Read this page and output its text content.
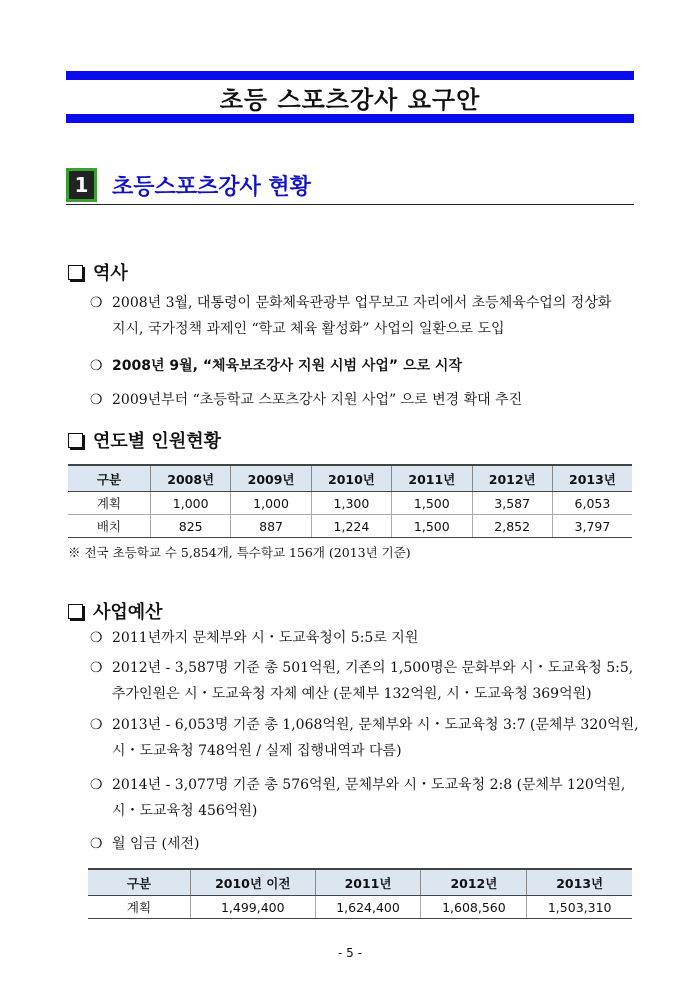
초등 스포츠강사 요구안
1	초등스포츠강사 현황
역사
❍ 2008년 3월, 대통령이 문화체육관광부 업무보고 자리에서 초등체육수업의 정상화
지시, 국가정책 과제인 “학교 체육 활성화” 사업의 일환으로 도입
❍ 2008년 9월, “체육보조강사 지원 시범 사업” 으로 시작
❍ 2009년부터 “초등학교 스포츠강사 지원 사업” 으로 변경 확대 추진
연도별 인원현황
구분	2008년	2009년	2010년	2011년	2012년	2013년
계획	1,000	1,000	1,300	1,500	3,587	6,053
배치	825	887	1,224	1,500	2,852	3,797
※ 전국 초등학교 수 5,854개, 특수학교 156개 (2013년 기준)
사업예산
❍ 2011년까지 문체부와 시・도교육청이 5:5로 지원
❍ 2012년 - 3,587명 기준 총 501억원, 기존의 1,500명은 문화부와 시・도교육청 5:5,
추가인원은 시・도교육청 자체 예산 (문체부 132억원, 시・도교육청 369억원)
❍ 2013년 - 6,053명 기준 총 1,068억원, 문체부와 시・도교육청 3:7 (문체부 320억원,
시・도교육청 748억원 / 실제 집행내역과 다름)
❍ 2014년 - 3,077명 기준 총 576억원, 문체부와 시・도교육청 2:8 (문체부 120억원,
시・도교육청 456억원)
❍ 월 임금 (세전)
구분	2010년 이전	2011년	2012년	2013년
계획	1,499,400	1,624,400	1,608,560	1,503,310
- 5 -
